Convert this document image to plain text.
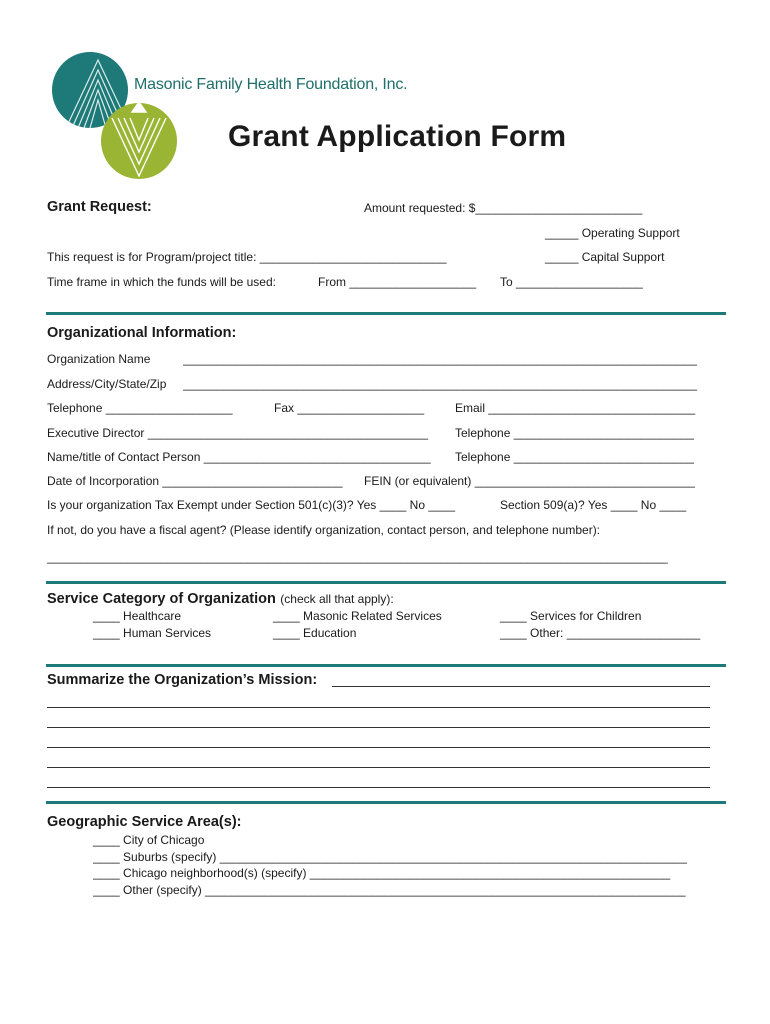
Masonic Family Health Foundation, Inc.
Grant Application Form
Grant Request:	Amount requested: $_________________________
_____ Operating Support
This request is for Program/project title: ____________________________	_____ Capital Support
Time frame in which the funds will be used:	From ___________________ To ___________________
Organizational Information:
Organization Name	_____________________________________________________________________________
Address/City/State/Zip _____________________________________________________________________________
Telephone ___________________	Fax ___________________	Email _______________________________
Executive Director __________________________________________ Telephone ___________________________
Name/title of Contact Person __________________________________ Telephone ___________________________
Date of Incorporation ___________________________ FEIN (or equivalent) _________________________________
Is your organization Tax Exempt under Section 501(c)(3)? Yes ____ No ____	Section 509(a)? Yes ____ No ____
If not, do you have a fiscal agent? (Please identify organization, contact person, and telephone number):
_____________________________________________________________________________________________
Service Category of Organization (check all that apply):
____ Healthcare	____ Masonic Related Services	____ Services for Children
____ Human Services	____ Education	____ Other: ____________________
Summarize the Organization’s Mission:
Geographic Service Area(s):
____ City of Chicago
____ Suburbs (specify) ______________________________________________________________________
____ Chicago neighborhood(s) (specify) ______________________________________________________
____ Other (specify) ________________________________________________________________________
